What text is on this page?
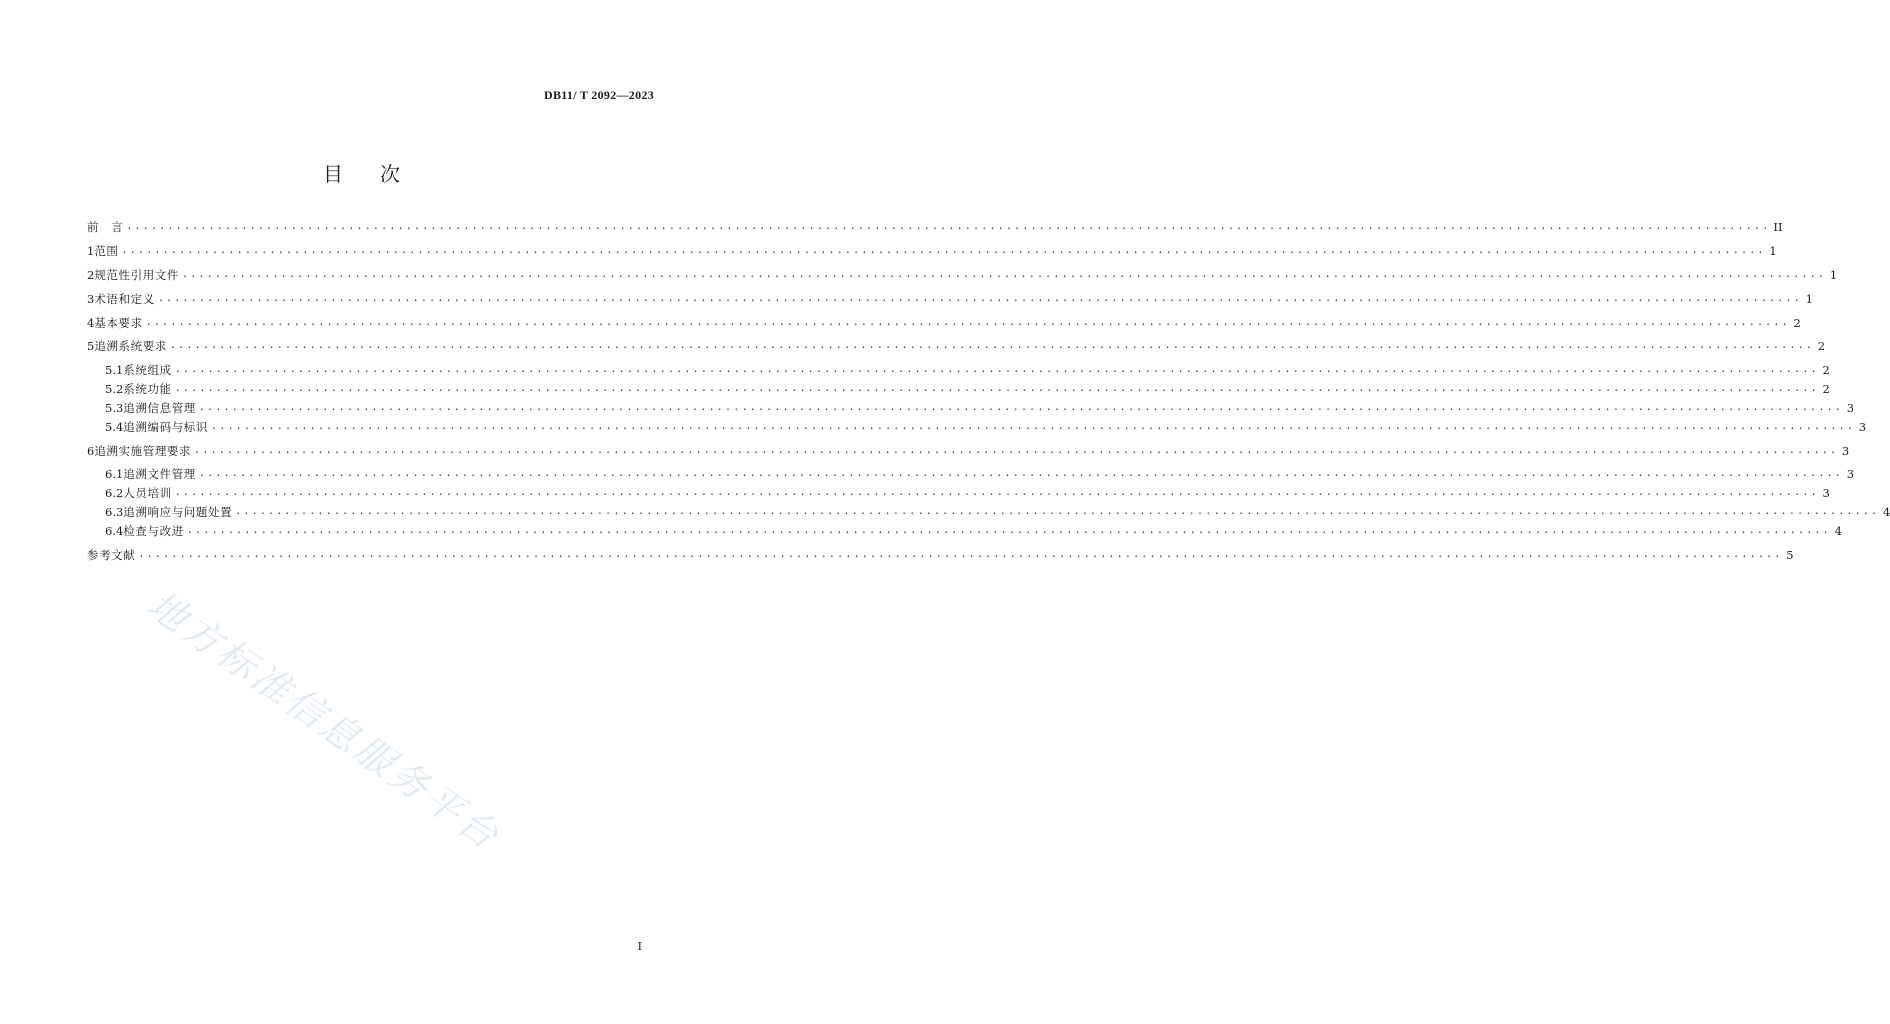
DB11/ T 2092—2023
目 次
前　言 ........................................................................................................................................................................................................ II
1 范围 ........................................................................................................................................................................................................ 1
2 规范性引用文件 ........................................................................................................................................................................................................ 1
3 术语和定义 ........................................................................................................................................................................................................ 1
4 基本要求 ........................................................................................................................................................................................................ 2
5 追溯系统要求 ........................................................................................................................................................................................................ 2
5.1 系统组成 ........................................................................................................................................................................................................ 2
5.2 系统功能 ........................................................................................................................................................................................................ 2
5.3 追溯信息管理 ........................................................................................................................................................................................................ 3
5.4 追溯编码与标识 ........................................................................................................................................................................................................ 3
6 追溯实施管理要求 ........................................................................................................................................................................................................ 3
6.1 追溯文件管理 ........................................................................................................................................................................................................ 3
6.2 人员培训 ........................................................................................................................................................................................................ 3
6.3 追溯响应与问题处置 ........................................................................................................................................................................................................ 4
6.4 检查与改进 ........................................................................................................................................................................................................ 4
参考文献 ........................................................................................................................................................................................................ 5
地方标准信息服务平台
I
